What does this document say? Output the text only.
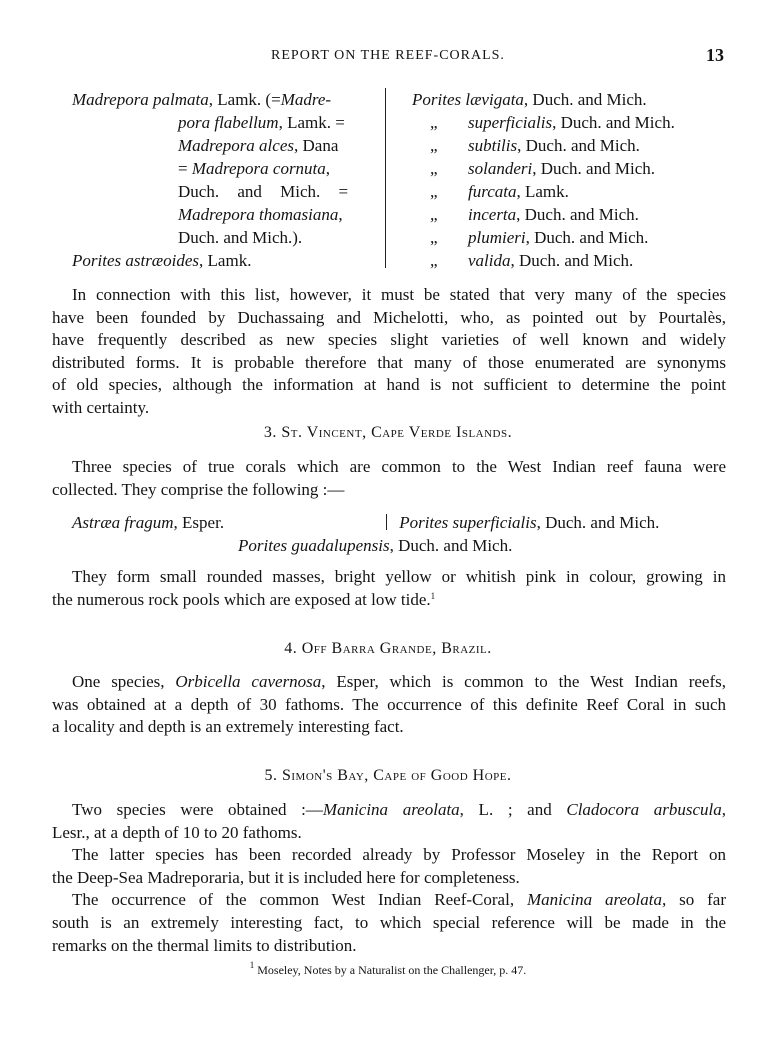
REPORT ON THE REEF-CORALS.	13
Madrepora palmata, Lamk. (=Madre-
pora flabellum, Lamk. =
Madrepora alces, Dana
= Madrepora cornuta,
Duch. and Mich. =
Madrepora thomasiana,
Duch. and Mich.).
Porites astræoides, Lamk.
Porites lævigata, Duch. and Mich.
„ superficialis, Duch. and Mich.
„ subtilis, Duch. and Mich.
„ solanderi, Duch. and Mich.
„ furcata, Lamk.
„ incerta, Duch. and Mich.
„ plumieri, Duch. and Mich.
„ valida, Duch. and Mich.
In connection with this list, however, it must be stated that very many of the species
have been founded by Duchassaing and Michelotti, who, as pointed out by Pourtalès,
have frequently described as new species slight varieties of well known and widely
distributed forms. It is probable therefore that many of those enumerated are synonyms
of old species, although the information at hand is not sufficient to determine the point
with certainty.
3. St. Vincent, Cape Verde Islands.
Three species of true corals which are common to the West Indian reef fauna were
collected. They comprise the following :—
Astræa fragum, Esper.	Porites superficialis, Duch. and Mich.
Porites guadalupensis, Duch. and Mich.
They form small rounded masses, bright yellow or whitish pink in colour, growing in
the numerous rock pools which are exposed at low tide.$^1$
4. Off Barra Grande, Brazil.
One species, Orbicella cavernosa, Esper, which is common to the West Indian reefs,
was obtained at a depth of 30 fathoms. The occurrence of this definite Reef Coral in such
a locality and depth is an extremely interesting fact.
5. Simon's Bay, Cape of Good Hope.
Two species were obtained :—Manicina areolata, L. ; and Cladocora arbuscula,
Lesr., at a depth of 10 to 20 fathoms.
The latter species has been recorded already by Professor Moseley in the Report on
the Deep-Sea Madreporaria, but it is included here for completeness.
The occurrence of the common West Indian Reef-Coral, Manicina areolata, so far
south is an extremely interesting fact, to which special reference will be made in the
remarks on the thermal limits to distribution.
$^1$ Moseley, Notes by a Naturalist on the Challenger, p. 47.
